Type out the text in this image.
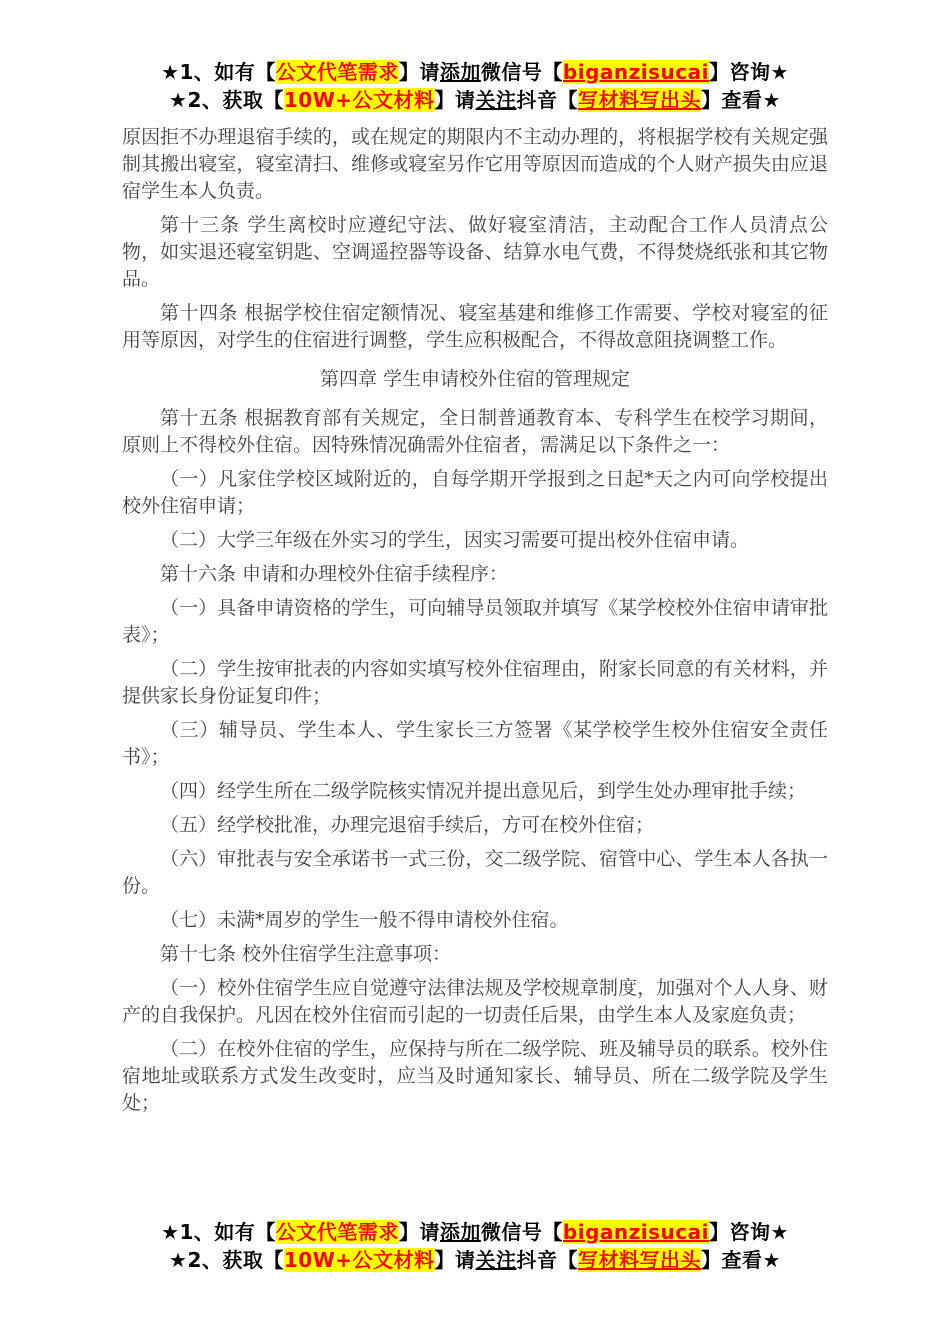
★1、如有【公文代笔需求】请添加微信号【biganzisucai】咨询★
★2、获取【10W+公文材料】请关注抖音【写材料写出头】查看★

原因拒不办理退宿手续的，或在规定的期限内不主动办理的，将根据学校有关规定强制其搬出寝室，寝室清扫、维修或寝室另作它用等原因而造成的个人财产损失由应退宿学生本人负责。

第十三条 学生离校时应遵纪守法、做好寝室清洁，主动配合工作人员清点公物，如实退还寝室钥匙、空调遥控器等设备、结算水电气费，不得焚烧纸张和其它物品。

第十四条 根据学校住宿定额情况、寝室基建和维修工作需要、学校对寝室的征用等原因，对学生的住宿进行调整，学生应积极配合，不得故意阻挠调整工作。

第四章 学生申请校外住宿的管理规定

第十五条 根据教育部有关规定，全日制普通教育本、专科学生在校学习期间，原则上不得校外住宿。因特殊情况确需外住宿者，需满足以下条件之一：

（一）凡家住学校区域附近的，自每学期开学报到之日起*天之内可向学校提出校外住宿申请；

（二）大学三年级在外实习的学生，因实习需要可提出校外住宿申请。

第十六条 申请和办理校外住宿手续程序：

（一）具备申请资格的学生，可向辅导员领取并填写《某学校校外住宿申请审批表》；

（二）学生按审批表的内容如实填写校外住宿理由，附家长同意的有关材料，并提供家长身份证复印件；

（三）辅导员、学生本人、学生家长三方签署《某学校学生校外住宿安全责任书》；

（四）经学生所在二级学院核实情况并提出意见后，到学生处办理审批手续；

（五）经学校批准，办理完退宿手续后，方可在校外住宿；

（六）审批表与安全承诺书一式三份，交二级学院、宿管中心、学生本人各执一份。

（七）未满*周岁的学生一般不得申请校外住宿。

第十七条 校外住宿学生注意事项：

（一）校外住宿学生应自觉遵守法律法规及学校规章制度，加强对个人人身、财产的自我保护。凡因在校外住宿而引起的一切责任后果，由学生本人及家庭负责；

（二）在校外住宿的学生，应保持与所在二级学院、班及辅导员的联系。校外住宿地址或联系方式发生改变时，应当及时通知家长、辅导员、所在二级学院及学生处；

★1、如有【公文代笔需求】请添加微信号【biganzisucai】咨询★
★2、获取【10W+公文材料】请关注抖音【写材料写出头】查看★
